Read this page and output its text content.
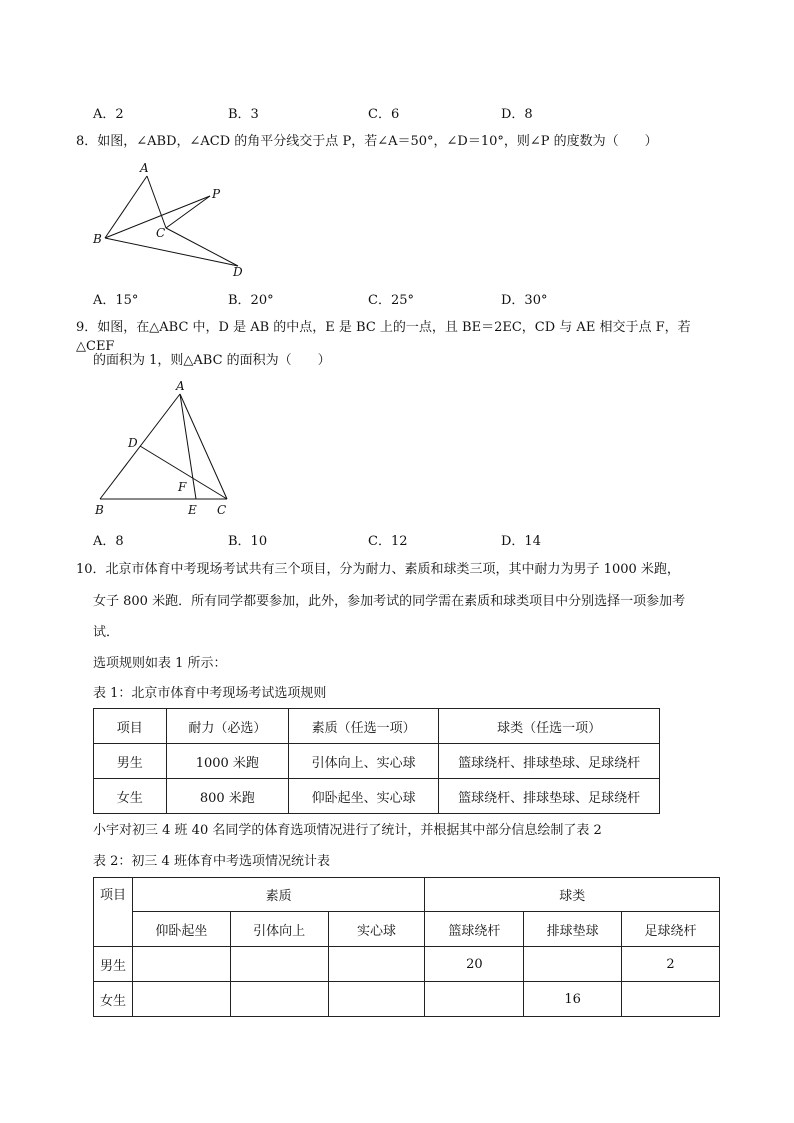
A．2	B．3	C．6	D．8
8．如图，∠ABD，∠ACD 的角平分线交于点 P，若∠A＝50°，∠D＝10°，则∠P 的度数为（　　）
A
P
B	C
D
A．15°	B．20°	C．25°	D．30°
9．如图，在△ABC 中，D 是 AB 的中点，E 是 BC 上的一点，且 BE＝2EC，CD 与 AE 相交于点 F，若△CEF
的面积为 1，则△ABC 的面积为（　　）
A
D
F
B	E C
A．8	B．10	C．12	D．14
10．北京市体育中考现场考试共有三个项目，分为耐力、素质和球类三项，其中耐力为男子 1000 米跑，
女子 800 米跑．所有同学都要参加，此外，参加考试的同学需在素质和球类项目中分别选择一项参加考
试．
选项规则如表 1 所示：
表 1：北京市体育中考现场考试选项规则
项目	耐力（必选）	素质（任选一项）	球类（任选一项）
男生	1000 米跑	引体向上、实心球	篮球绕杆、排球垫球、足球绕杆
女生	800 米跑	仰卧起坐、实心球	篮球绕杆、排球垫球、足球绕杆
小宇对初三 4 班 40 名同学的体育选项情况进行了统计，并根据其中部分信息绘制了表 2
表 2：初三 4 班体育中考选项情况统计表
项目	素质			球类		
	仰卧起坐	引体向上	实心球	篮球绕杆	排球垫球	足球绕杆
男生				20		2
女生					16	
